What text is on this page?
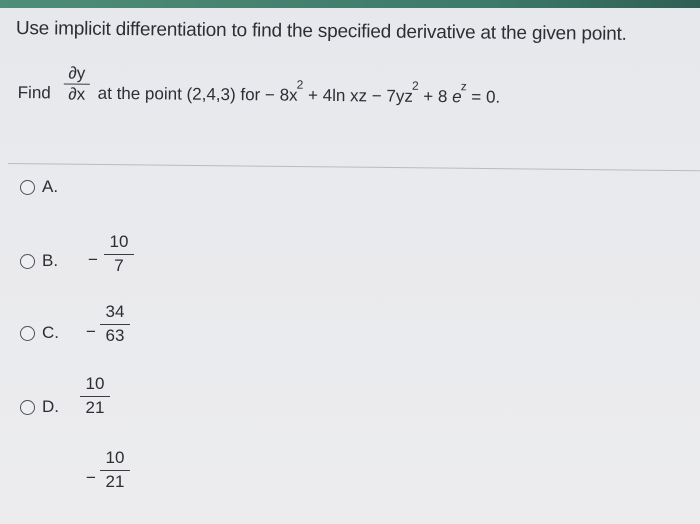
Use implicit differentiation to find the specified derivative at the given point.
Find
∂y
∂x at the point (2,4,3) for − $8x^2 + 4\ln$ xz − $7yz^2 + 8$ $e^z = 0$.
A.
−
10
7
B.
−
34
63
C.
10
21
D.
−
10
21
